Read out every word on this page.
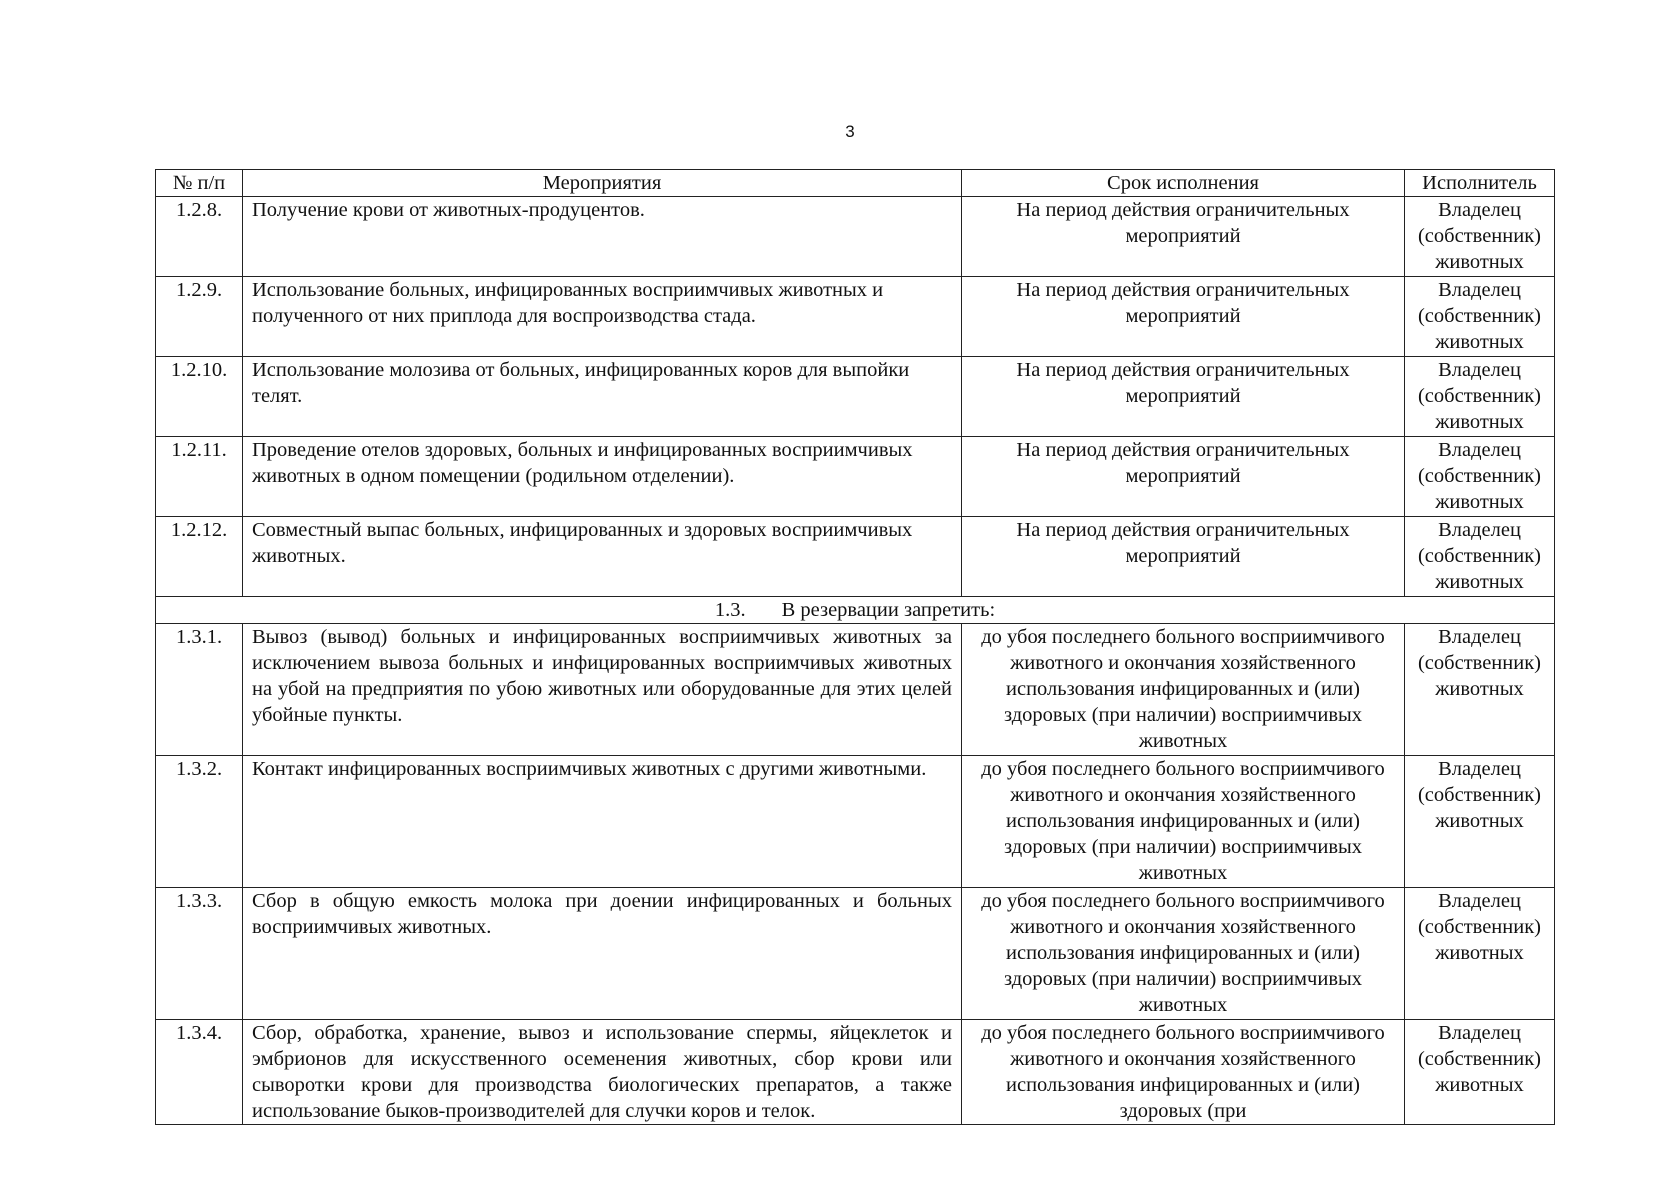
3
№ п/п	Мероприятия	Срок исполнения	Исполнитель
1.2.8.	Получение крови от животных-продуцентов.	На период действия ограничительных мероприятий	Владелец (собственник) животных
1.2.9.	Использование больных, инфицированных восприимчивых животных и полученного от них приплода для воспроизводства стада.	На период действия ограничительных мероприятий	Владелец (собственник) животных
1.2.10.	Использование молозива от больных, инфицированных коров для выпойки телят.	На период действия ограничительных мероприятий	Владелец (собственник) животных
1.2.11.	Проведение отелов здоровых, больных и инфицированных восприимчивых животных в одном помещении (родильном отделении).	На период действия ограничительных мероприятий	Владелец (собственник) животных
1.2.12.	Совместный выпас больных, инфицированных и здоровых восприимчивых животных.	На период действия ограничительных мероприятий	Владелец (собственник) животных
1.3. В резервации запретить:			
1.3.1.	Вывоз (вывод) больных и инфицированных восприимчивых животных за исключением вывоза больных и инфицированных восприимчивых животных на убой на предприятия по убою животных или оборудованные для этих целей убойные пункты.	до убоя последнего больного восприимчивого животного и окончания хозяйственного использования инфицированных и (или) здоровых (при наличии) восприимчивых животных	Владелец (собственник) животных
1.3.2.	Контакт инфицированных восприимчивых животных с другими животными.	до убоя последнего больного восприимчивого животного и окончания хозяйственного использования инфицированных и (или) здоровых (при наличии) восприимчивых животных	Владелец (собственник) животных
1.3.3.	Сбор в общую емкость молока при доении инфицированных и больных восприимчивых животных.	до убоя последнего больного восприимчивого животного и окончания хозяйственного использования инфицированных и (или) здоровых (при наличии) восприимчивых животных	Владелец (собственник) животных
1.3.4.	Сбор, обработка, хранение, вывоз и использование спермы, яйцеклеток и эмбрионов для искусственного осеменения животных, сбор крови или сыворотки крови для производства биологических препаратов, а также использование быков-производителей для случки коров и телок.	до убоя последнего больного восприимчивого животного и окончания хозяйственного использования инфицированных и (или) здоровых (при	Владелец (собственник) животных
